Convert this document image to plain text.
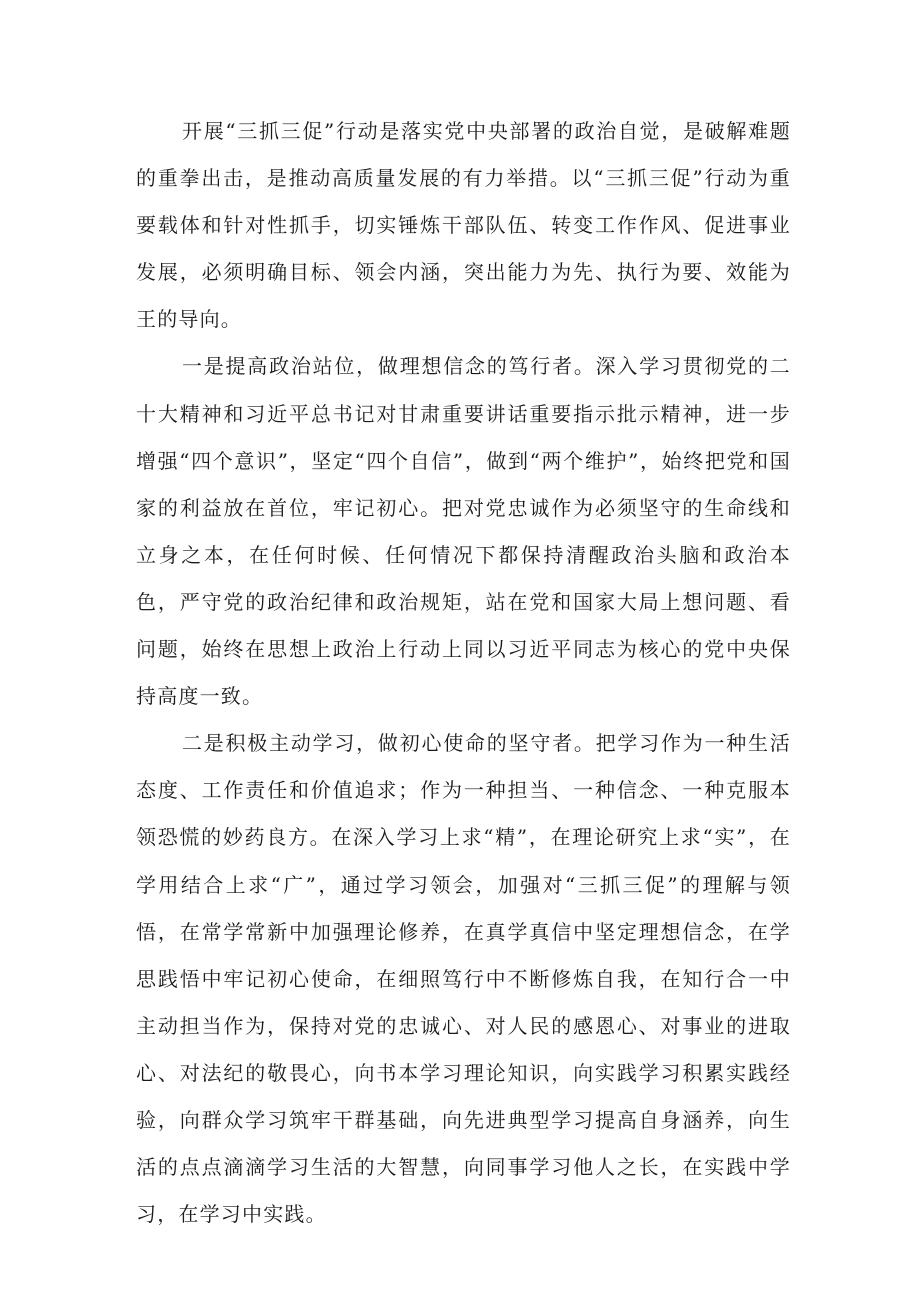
开展“三抓三促”行动是落实党中央部署的政治自觉，是破解难题的重拳出击，是推动高质量发展的有力举措。以“三抓三促”行动为重要载体和针对性抓手，切实锤炼干部队伍、转变工作作风、促进事业发展，必须明确目标、领会内涵，突出能力为先、执行为要、效能为王的导向。

一是提高政治站位，做理想信念的笃行者。深入学习贯彻党的二十大精神和习近平总书记对甘肃重要讲话重要指示批示精神，进一步增强“四个意识”，坚定“四个自信”，做到“两个维护”，始终把党和国家的利益放在首位，牢记初心。把对党忠诚作为必须坚守的生命线和立身之本，在任何时候、任何情况下都保持清醒政治头脑和政治本色，严守党的政治纪律和政治规矩，站在党和国家大局上想问题、看问题，始终在思想上政治上行动上同以习近平同志为核心的党中央保持高度一致。

二是积极主动学习，做初心使命的坚守者。把学习作为一种生活态度、工作责任和价值追求；作为一种担当、一种信念、一种克服本领恐慌的妙药良方。在深入学习上求“精”，在理论研究上求“实”，在学用结合上求“广”，通过学习领会，加强对“三抓三促”的理解与领悟，在常学常新中加强理论修养，在真学真信中坚定理想信念，在学思践悟中牢记初心使命，在细照笃行中不断修炼自我，在知行合一中主动担当作为，保持对党的忠诚心、对人民的感恩心、对事业的进取心、对法纪的敬畏心，向书本学习理论知识，向实践学习积累实践经验，向群众学习筑牢干群基础，向先进典型学习提高自身涵养，向生活的点点滴滴学习生活的大智慧，向同事学习他人之长，在实践中学习，在学习中实践。
